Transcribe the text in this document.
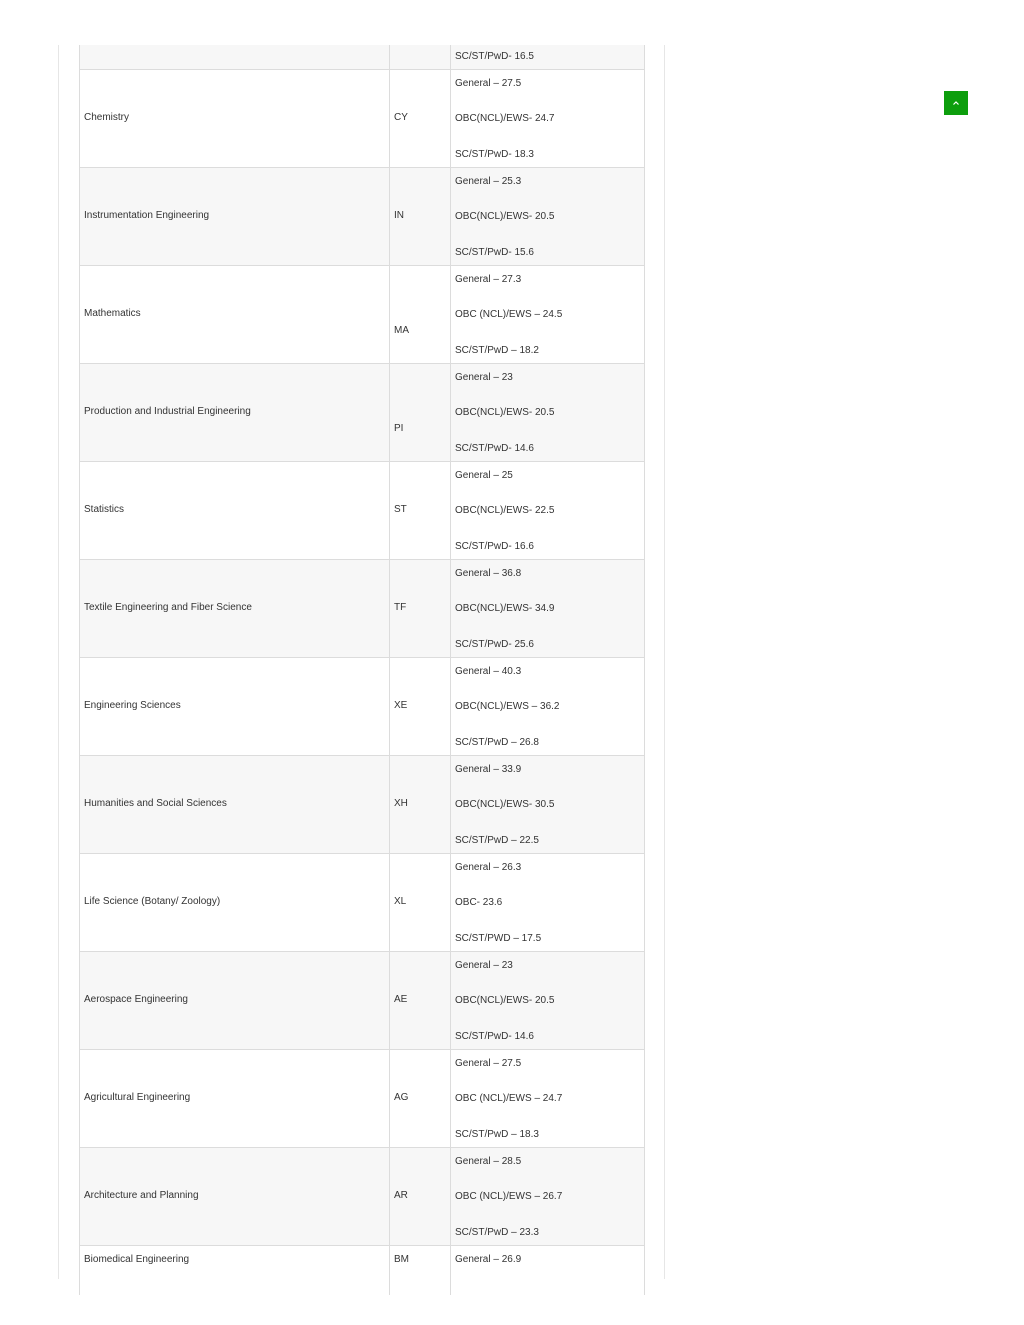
		SC/ST/PwD- 16.5
Chemistry	CY	General – 27.5
OBC(NCL)/EWS- 24.7
SC/ST/PwD- 18.3

Instrumentation Engineering	IN	General – 25.3
OBC(NCL)/EWS- 20.5
SC/ST/PwD- 15.6

Mathematics	MA	General – 27.3
OBC (NCL)/EWS – 24.5
SC/ST/PwD – 18.2

Production and Industrial Engineering	PI	General – 23
OBC(NCL)/EWS- 20.5
SC/ST/PwD- 14.6

Statistics	ST	General – 25
OBC(NCL)/EWS- 22.5
SC/ST/PwD- 16.6

Textile Engineering and Fiber Science	TF	General – 36.8
OBC(NCL)/EWS- 34.9
SC/ST/PwD- 25.6

Engineering Sciences	XE	General – 40.3
OBC(NCL)/EWS – 36.2
SC/ST/PwD – 26.8

Humanities and Social Sciences	XH	General – 33.9
OBC(NCL)/EWS- 30.5
SC/ST/PwD – 22.5

Life Science (Botany/ Zoology)	XL	General – 26.3
OBC- 23.6
SC/ST/PWD – 17.5

Aerospace Engineering	AE	General – 23
OBC(NCL)/EWS- 20.5
SC/ST/PwD- 14.6

Agricultural Engineering	AG	General – 27.5
OBC (NCL)/EWS – 24.7
SC/ST/PwD – 18.3

Architecture and Planning	AR	General – 28.5
OBC (NCL)/EWS – 26.7
SC/ST/PwD – 23.3

Biomedical Engineering	BM	General – 26.9
